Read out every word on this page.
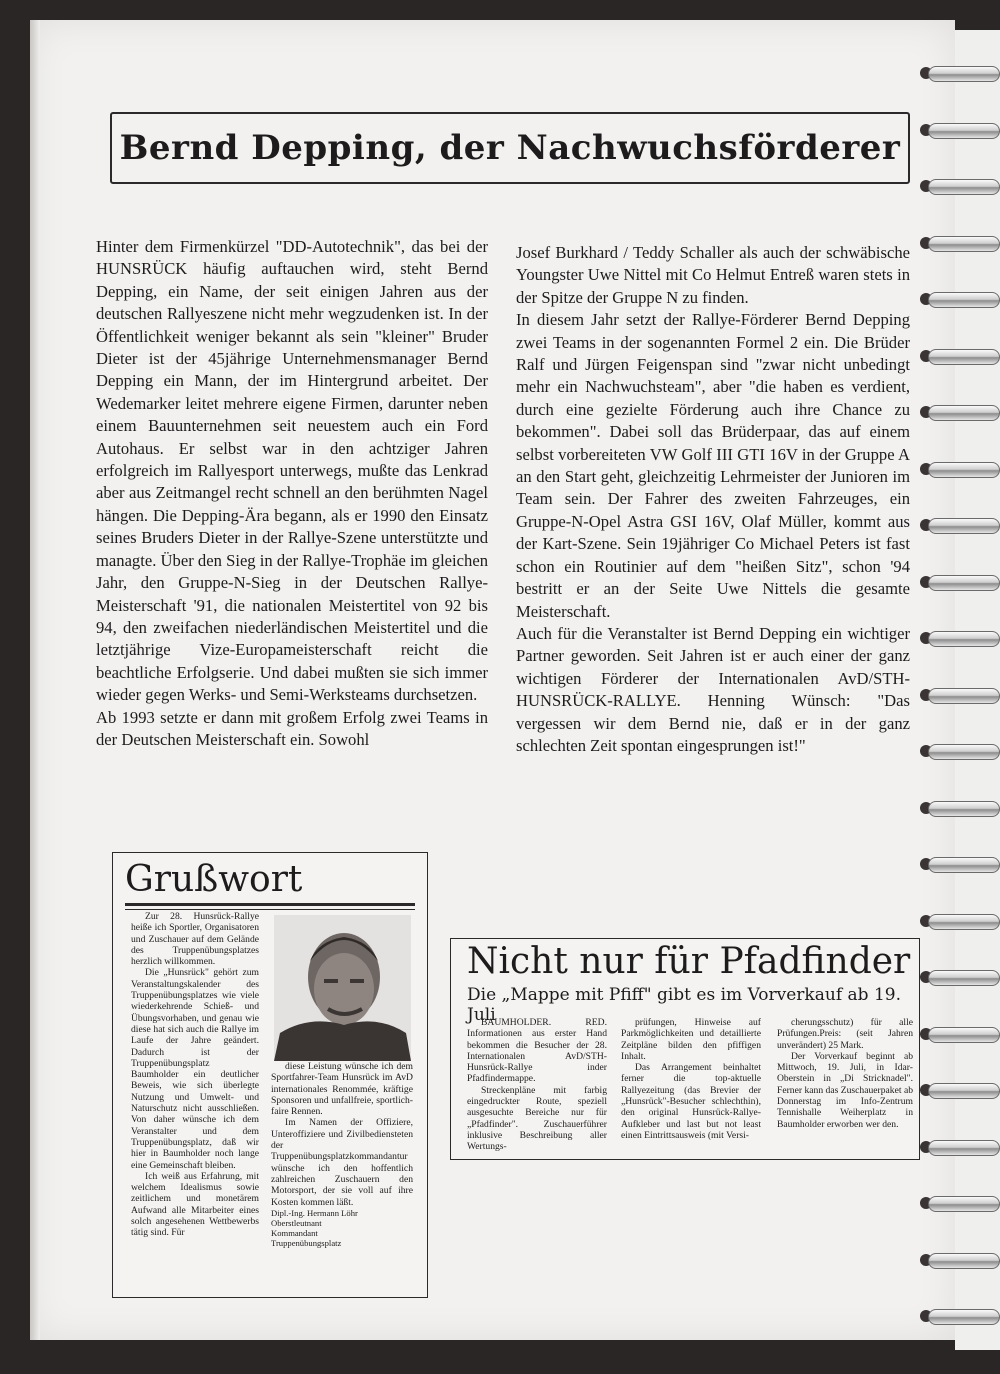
Bernd Depping, der Nachwuchsförderer

Hinter dem Firmenkürzel "DD-Autotechnik", das bei der HUNSRÜCK häufig auftauchen wird, steht Bernd Depping, ein Name, der seit einigen Jahren aus der deutschen Rallyeszene nicht mehr wegzudenken ist. In der Öffentlichkeit weniger bekannt als sein "kleiner" Bruder Dieter ist der 45jährige Unternehmensmanager Bernd Depping ein Mann, der im Hintergrund arbeitet. Der Wedemarker leitet mehrere eigene Firmen, darunter neben einem Bauunternehmen seit neuestem auch ein Ford Autohaus. Er selbst war in den achtziger Jahren erfolgreich im Rallyesport unterwegs, mußte das Lenkrad aber aus Zeitmangel recht schnell an den berühmten Nagel hängen. Die Depping-Ära begann, als er 1990 den Einsatz seines Bruders Dieter in der Rallye-Szene unterstützte und managte. Über den Sieg in der Rallye-Trophäe im gleichen Jahr, den Gruppe-N-Sieg in der Deutschen Rallye-Meisterschaft '91, die nationalen Meistertitel von 92 bis 94, den zweifachen niederländischen Meistertitel und die letztjährige Vize-Europameisterschaft reicht die beachtliche Erfolgserie. Und dabei mußten sie sich immer wieder gegen Werks- und Semi-Werksteams durchsetzen.

Ab 1993 setzte er dann mit großem Erfolg zwei Teams in der Deutschen Meisterschaft ein. Sowohl

Josef Burkhard / Teddy Schaller als auch der schwäbische Youngster Uwe Nittel mit Co Helmut Entreß waren stets in der Spitze der Gruppe N zu finden.

In diesem Jahr setzt der Rallye-Förderer Bernd Depping zwei Teams in der sogenannten Formel 2 ein. Die Brüder Ralf und Jürgen Feigenspan sind "zwar nicht unbedingt mehr ein Nachwuchsteam", aber "die haben es verdient, durch eine gezielte Förderung auch ihre Chance zu bekommen". Dabei soll das Brüderpaar, das auf einem selbst vorbereiteten VW Golf III GTI 16V in der Gruppe A an den Start geht, gleichzeitig Lehrmeister der Junioren im Team sein. Der Fahrer des zweiten Fahrzeuges, ein Gruppe-N-Opel Astra GSI 16V, Olaf Müller, kommt aus der Kart-Szene. Sein 19jähriger Co Michael Peters ist fast schon ein Routinier auf dem "heißen Sitz", schon '94 bestritt er an der Seite Uwe Nittels die gesamte Meisterschaft.

Auch für die Veranstalter ist Bernd Depping ein wichtiger Partner geworden. Seit Jahren ist er auch einer der ganz wichtigen Förderer der Internationalen AvD/STH-HUNSRÜCK-RALLYE. Henning Wünsch: "Das vergessen wir dem Bernd nie, daß er in der ganz schlechten Zeit spontan eingesprungen ist!"

Grußwort

Zur 28. Hunsrück-Rallye heiße ich Sportler, Organisatoren und Zuschauer auf dem Gelände des Truppenübungsplatzes herzlich willkommen.

Die „Hunsrück" gehört zum Veranstaltungskalender des Truppenübungsplatzes wie viele wiederkehrende Schieß- und Übungsvorhaben, und genau wie diese hat sich auch die Rallye im Laufe der Jahre geändert. Dadurch ist der Truppenübungsplatz Baumholder ein deutlicher Beweis, wie sich überlegte Nutzung und Umwelt- und Naturschutz nicht ausschließen. Von daher wünsche ich dem Veranstalter und dem Truppenübungsplatz, daß wir hier in Baumholder noch lange eine Gemeinschaft bleiben.

Ich weiß aus Erfahrung, mit welchem Idealismus sowie zeitlichem und monetärem Aufwand alle Mitarbeiter eines solch angesehenen Wettbewerbs tätig sind. Für

diese Leistung wünsche ich dem Sportfahrer-Team Hunsrück im AvD internationales Renommée, kräftige Sponsoren und unfallfreie, sportlich-faire Rennen.

Im Namen der Offiziere, Unteroffiziere und Zivilbediensteten der Truppenübungsplatzkommandantur wünsche ich den hoffentlich zahlreichen Zuschauern den Motorsport, der sie voll auf ihre Kosten kommen läßt.

Dipl.-Ing. Hermann Löhr

Oberstleutnant

Kommandant

Truppenübungsplatz

Nicht nur für Pfadfinder
Die „Mappe mit Pfiff" gibt es im Vorverkauf ab 19. Juli

BAUMHOLDER. RED. Informationen aus erster Hand bekommen die Besucher der 28. Internationalen AvD/STH-Hunsrück-Rallye inder Pfadfindermappe.

Streckenpläne mit farbig eingedruckter Route, speziell ausgesuchte Bereiche nur für „Pfadfinder". Zuschauerführer inklusive Beschreibung aller Wertungs-

prüfungen, Hinweise auf Parkmöglichkeiten und detaillierte Zeitpläne bilden den pfiffigen Inhalt.

Das Arrangement beinhaltet ferner die top-aktuelle Rallyezeitung (das Brevier der „Hunsrück"-Besucher schlechthin), den original Hunsrück-Rallye-Aufkleber und last but not least einen Eintrittsausweis (mit Versi-

cherungsschutz) für alle Prüfungen.Preis: (seit Jahren unverändert) 25 Mark.

Der Vorverkauf beginnt ab Mittwoch, 19. Juli, in Idar-Oberstein in „Di Stricknadel". Ferner kann das Zuschauerpaket ab Donnerstag im Info-Zentrum Tennishalle Weiherplatz in Baumholder erworben wer den.
